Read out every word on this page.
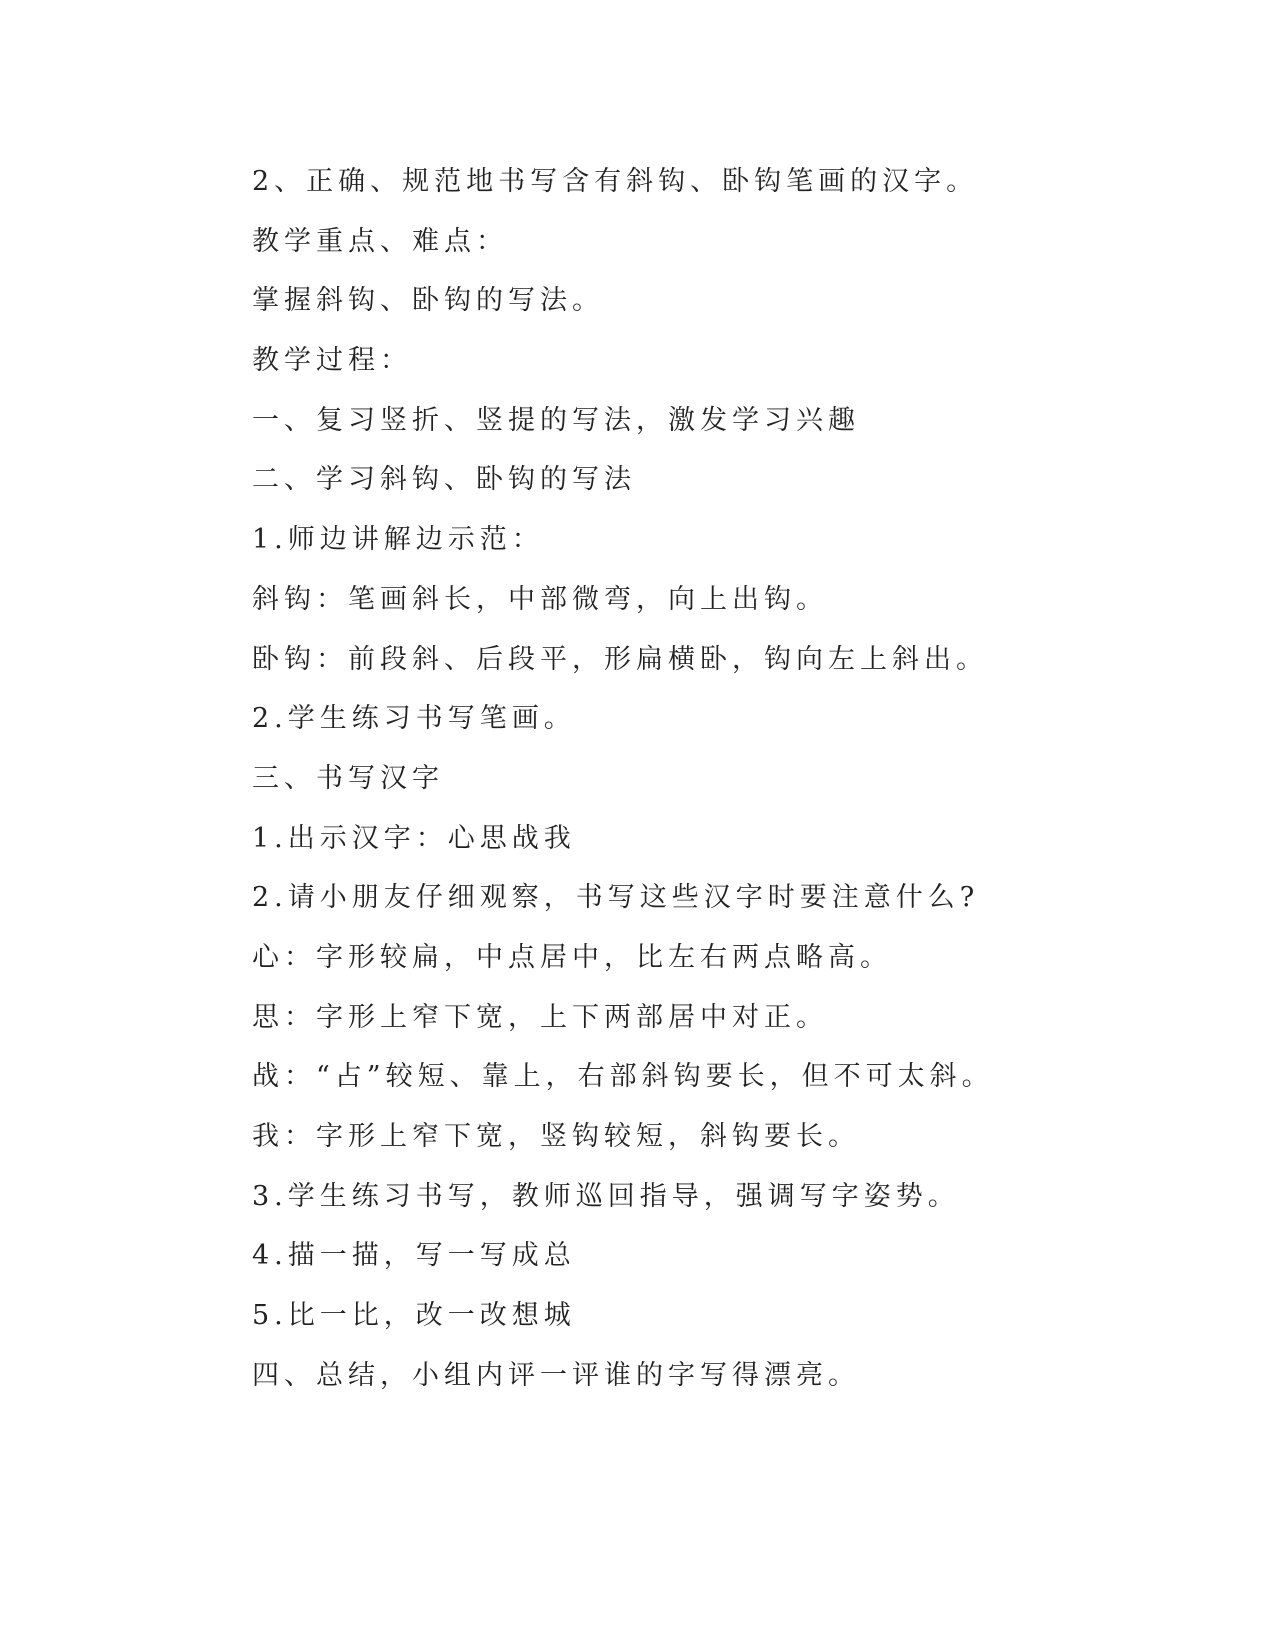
2、正确、规范地书写含有斜钩、卧钩笔画的汉字。

教学重点、难点：

掌握斜钩、卧钩的写法。

教学过程：

一、复习竖折、竖提的写法，激发学习兴趣

二、学习斜钩、卧钩的写法

1.师边讲解边示范：

斜钩：笔画斜长，中部微弯，向上出钩。

卧钩：前段斜、后段平，形扁横卧，钩向左上斜出。

2.学生练习书写笔画。

三、书写汉字

1.出示汉字：心思战我

2.请小朋友仔细观察，书写这些汉字时要注意什么?

心：字形较扁，中点居中，比左右两点略高。

思：字形上窄下宽，上下两部居中对正。

战：“占”较短、靠上，右部斜钩要长，但不可太斜。

我：字形上窄下宽，竖钩较短，斜钩要长。

3.学生练习书写，教师巡回指导，强调写字姿势。

4.描一描，写一写成总

5.比一比，改一改想城

四、总结，小组内评一评谁的字写得漂亮。
